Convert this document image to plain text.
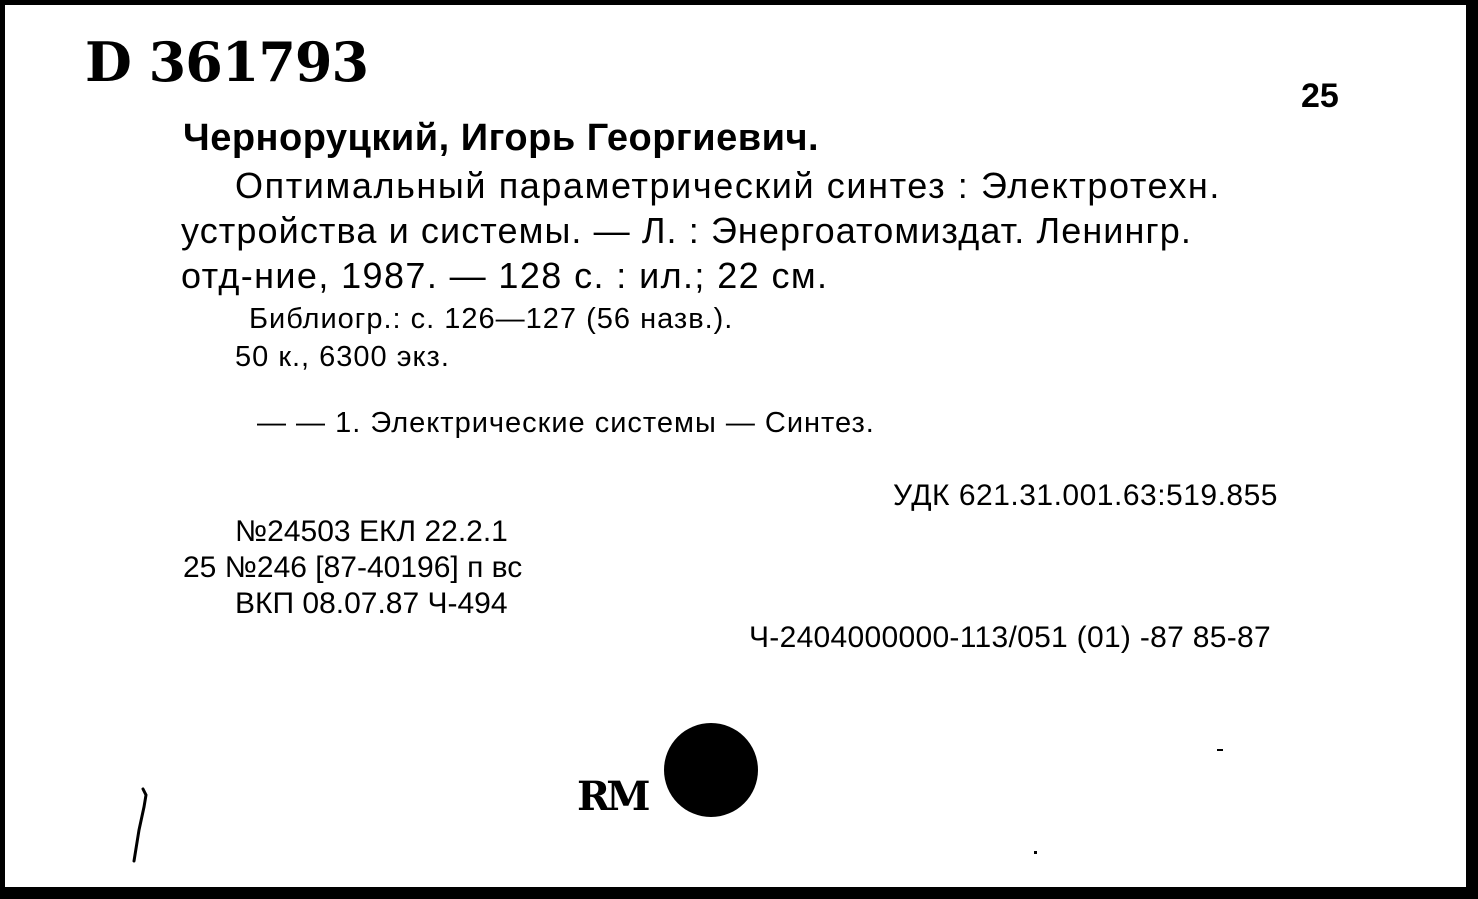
D 361793
25
Черноруцкий, Игорь Георгиевич.
Оптимальный параметрический синтез : Электротехн.
устройства и системы. — Л. : Энергоатомиздат. Ленингр.
отд-ние, 1987. — 128 с. : ил.; 22 см.
Библиогр.: с. 126—127 (56 назв.).
50 к., 6300 экз.
— — 1. Электрические системы — Синтез.
УДК 621.31.001.63:519.855
№24503 ЕКЛ 22.2.1
25 №246 [87-40196] п вс
ВКП 08.07.87 Ч-494
Ч-2404000000-113/051 (01) -87 85-87
RM
